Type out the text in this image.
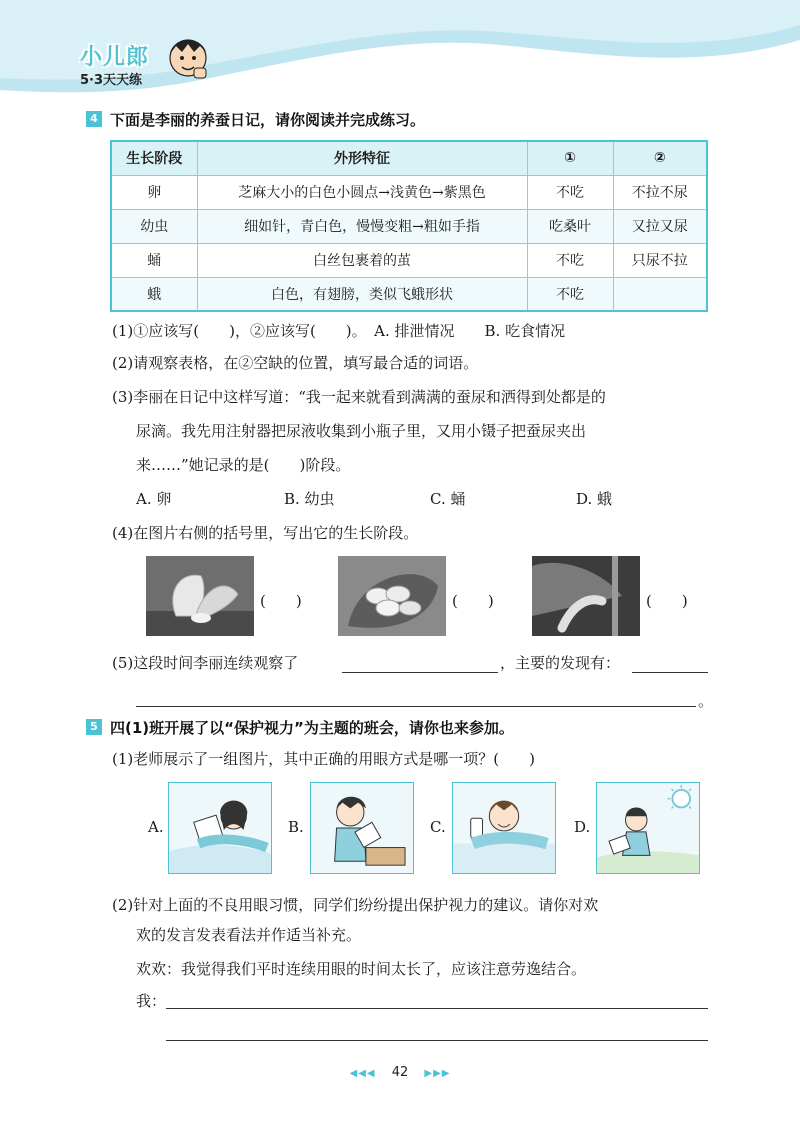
小儿郎
5·3天天练
4 下面是李丽的养蚕日记，请你阅读并完成练习。
生长阶段	外形特征	①	②
卵	芝麻大小的白色小圆点→浅黄色→紫黑色	不吃	不拉不尿
幼虫	细如针，青白色，慢慢变粗→粗如手指	吃桑叶	又拉又尿
蛹	白丝包裹着的茧	不吃	只尿不拉
蛾	白色，有翅膀，类似飞蛾形状	不吃	
(1)①应该写(　　)，②应该写(　　)。　A. 排泄情况　　B. 吃食情况
(2)请观察表格，在②空缺的位置，填写最合适的词语。
(3)李丽在日记中这样写道：“我一起来就看到满满的蚕尿和洒得到处都是的
尿滴。我先用注射器把尿液收集到小瓶子里，又用小镊子把蚕尿夹出
来……”她记录的是(　　)阶段。
A. 卵	B. 幼虫	C. 蛹	D. 蛾
(4)在图片右侧的括号里，写出它的生长阶段。
(　　)	(　　)	(　　)
(5)这段时间李丽连续观察了	，主要的发现有：
。
5 四(1)班开展了以“保护视力”为主题的班会，请你也来参加。
(1)老师展示了一组图片，其中正确的用眼方式是哪一项？(　　)
A.	B.	C.	D.
(2)针对上面的不良用眼习惯，同学们纷纷提出保护视力的建议。请你对欢
欢的发言发表看法并作适当补充。
欢欢：我觉得我们平时连续用眼的时间太长了，应该注意劳逸结合。
我：
◀◀◀ 42 ▶▶▶
